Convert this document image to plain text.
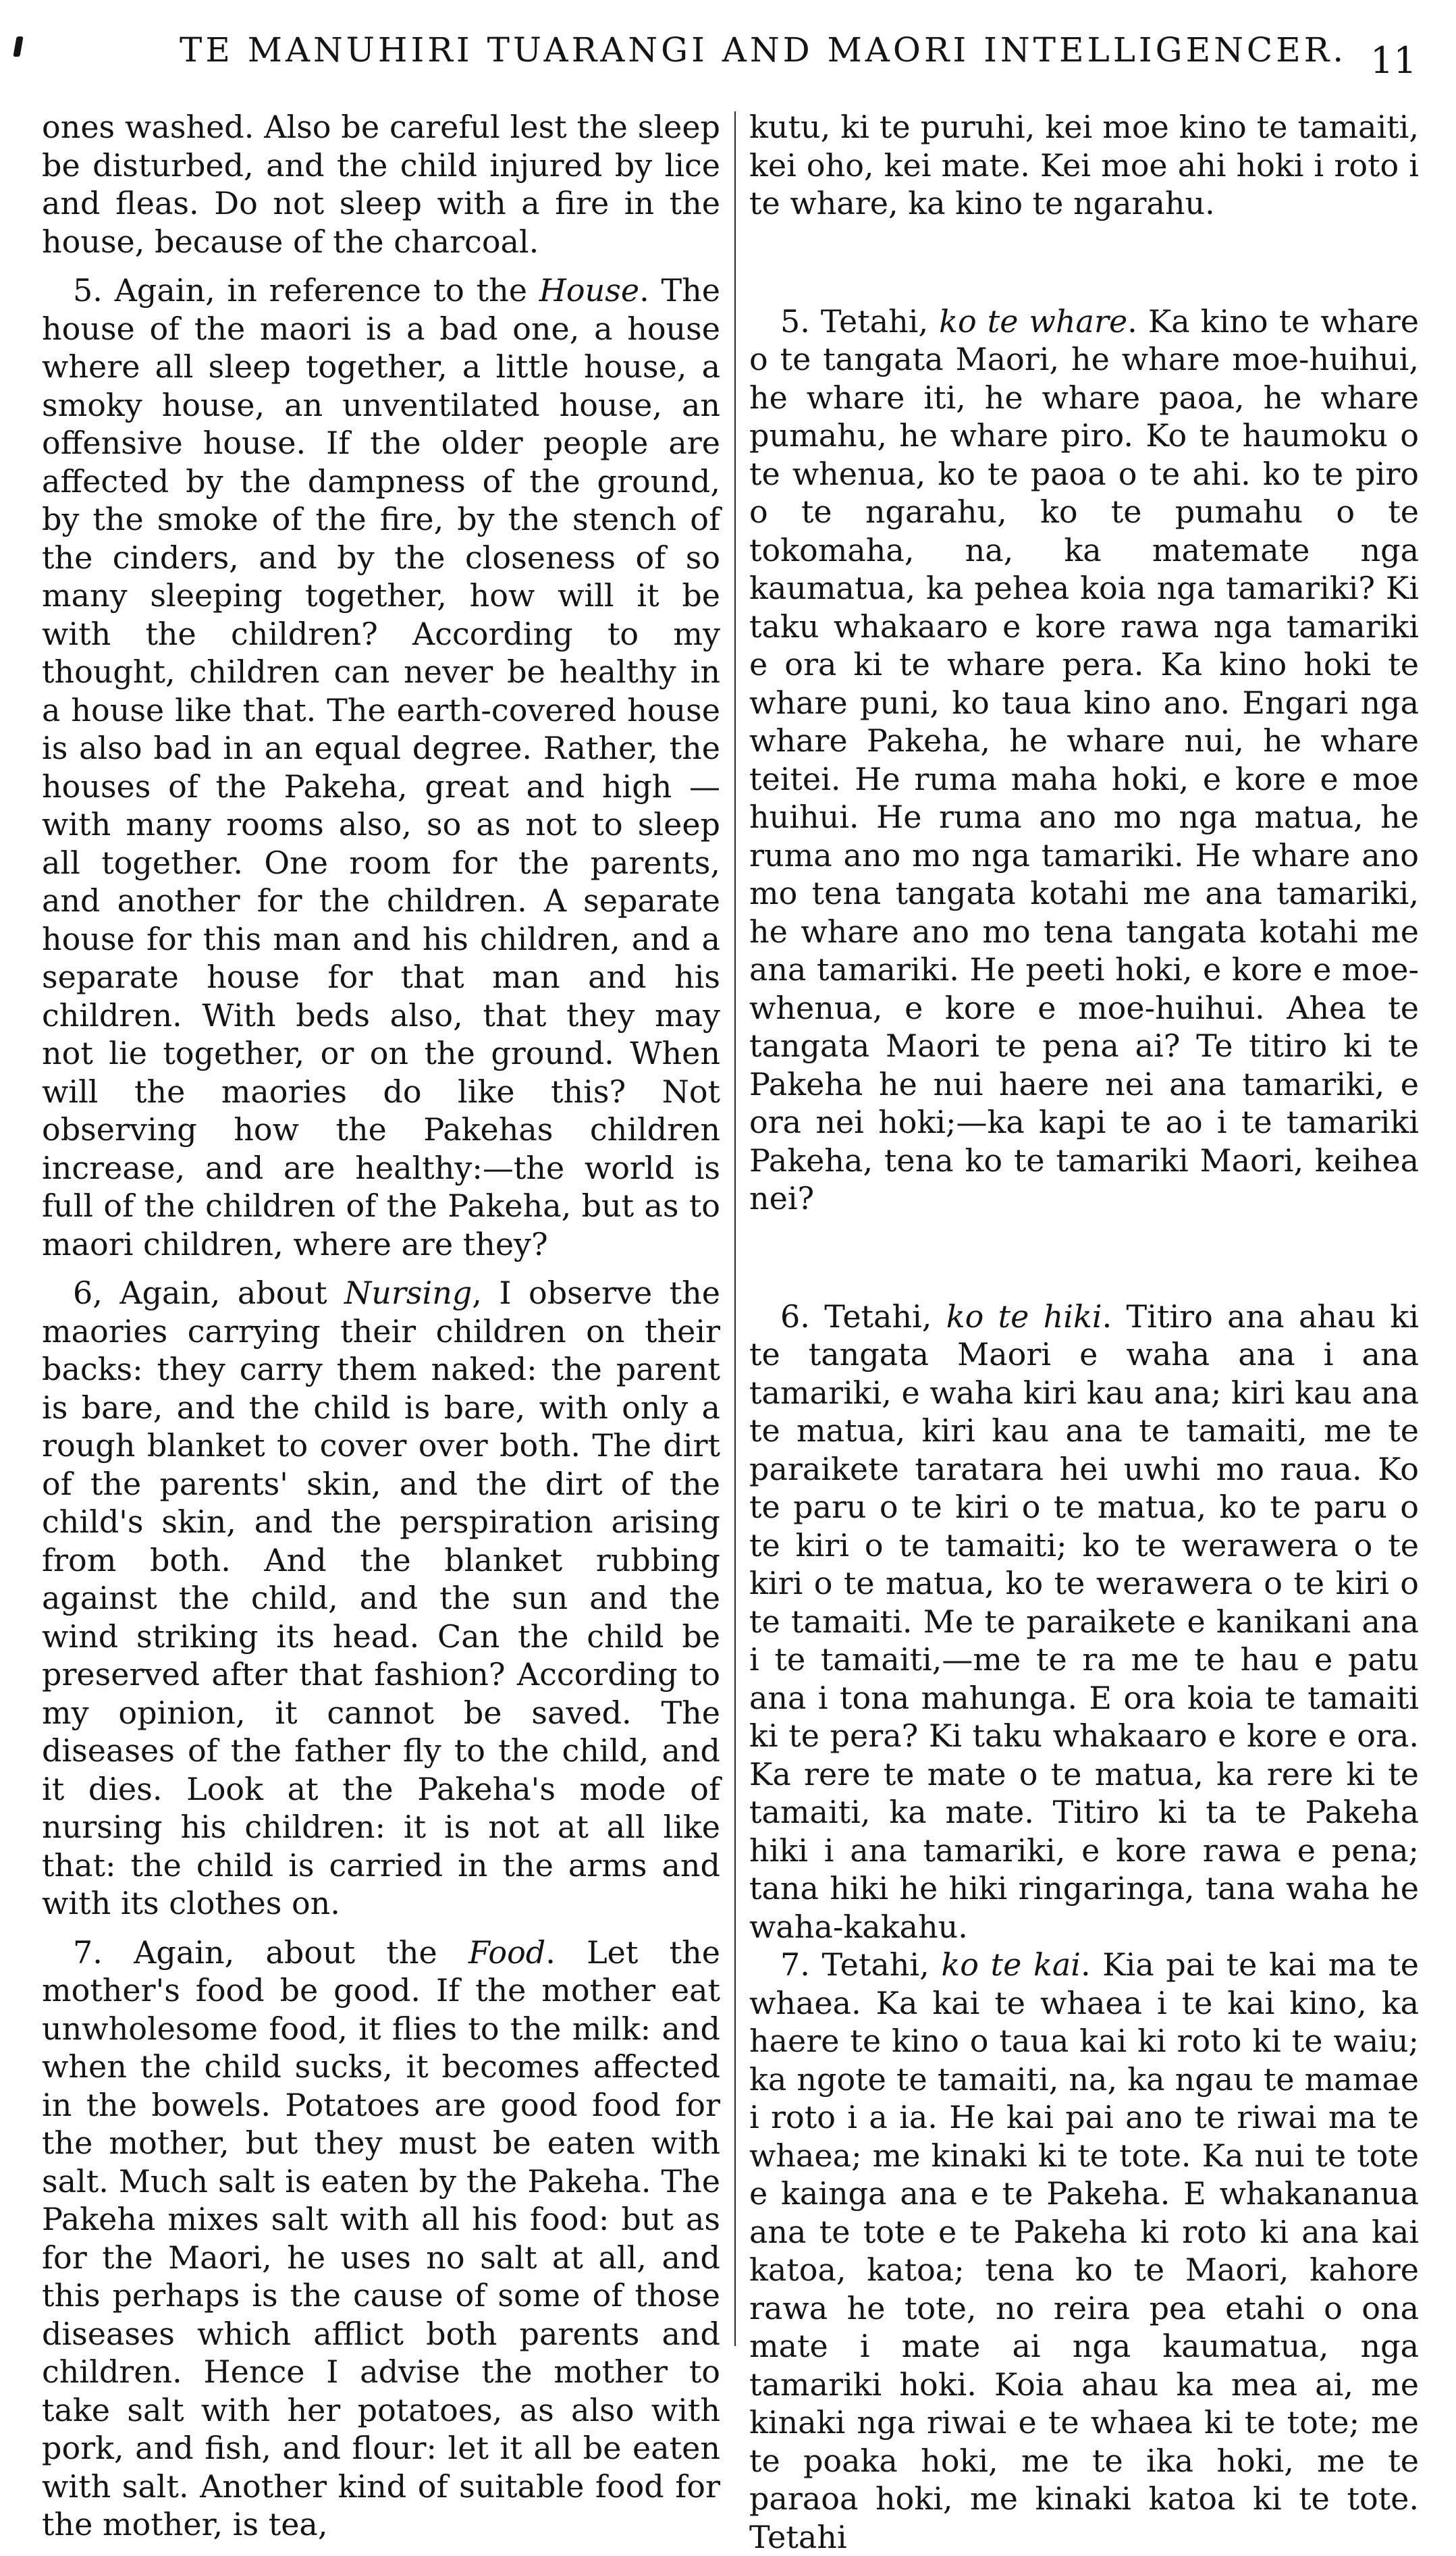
TE MANUHIRI TUARANGI AND MAORI INTELLIGENCER. 11

ones washed. Also be careful lest the sleep be disturbed, and the child injured by lice and fleas. Do not sleep with a fire in the house, because of the charcoal.

5. Again, in reference to the House. The house of the maori is a bad one, a house where all sleep together, a little house, a smoky house, an unventilated house, an offensive house. If the older people are affected by the dampness of the ground, by the smoke of the fire, by the stench of the cinders, and by the closeness of so many sleeping together, how will it be with the children? According to my thought, children can never be healthy in a house like that. The earth-covered house is also bad in an equal degree. Rather, the houses of the Pakeha, great and high —with many rooms also, so as not to sleep all together. One room for the parents, and another for the children. A separate house for this man and his children, and a separate house for that man and his children. With beds also, that they may not lie together, or on the ground. When will the maories do like this? Not observing how the Pakehas children increase, and are healthy:—the world is full of the children of the Pakeha, but as to maori children, where are they?

6, Again, about Nursing, I observe the maories carrying their children on their backs: they carry them naked: the parent is bare, and the child is bare, with only a rough blanket to cover over both. The dirt of the parents' skin, and the dirt of the child's skin, and the perspiration arising from both. And the blanket rubbing against the child, and the sun and the wind striking its head. Can the child be preserved after that fashion? According to my opinion, it cannot be saved. The diseases of the father fly to the child, and it dies. Look at the Pakeha's mode of nursing his children: it is not at all like that: the child is carried in the arms and with its clothes on.

7. Again, about the Food. Let the mother's food be good. If the mother eat unwholesome food, it flies to the milk: and when the child sucks, it becomes affected in the bowels. Potatoes are good food for the mother, but they must be eaten with salt. Much salt is eaten by the Pakeha. The Pakeha mixes salt with all his food: but as for the Maori, he uses no salt at all, and this perhaps is the cause of some of those diseases which afflict both parents and children. Hence I advise the mother to take salt with her potatoes, as also with pork, and fish, and flour: let it all be eaten with salt. Another kind of suitable food for the mother, is tea,

kutu, ki te puruhi, kei moe kino te tamaiti, kei oho, kei mate. Kei moe ahi hoki i roto i te whare, ka kino te ngarahu.

5. Tetahi, ko te whare. Ka kino te whare o te tangata Maori, he whare moe-huihui, he whare iti, he whare paoa, he whare pumahu, he whare piro. Ko te haumoku o te whenua, ko te paoa o te ahi. ko te piro o te ngarahu, ko te pumahu o te tokomaha, na, ka matemate nga kaumatua, ka pehea koia nga tamariki? Ki taku whakaaro e kore rawa nga tamariki e ora ki te whare pera. Ka kino hoki te whare puni, ko taua kino ano. Engari nga whare Pakeha, he whare nui, he whare teitei. He ruma maha hoki, e kore e moe huihui. He ruma ano mo nga matua, he ruma ano mo nga tamariki. He whare ano mo tena tangata kotahi me ana tamariki, he whare ano mo tena tangata kotahi me ana tamariki. He peeti hoki, e kore e moe-whenua, e kore e moe-huihui. Ahea te tangata Maori te pena ai? Te titiro ki te Pakeha he nui haere nei ana tamariki, e ora nei hoki;—ka kapi te ao i te tamariki Pakeha, tena ko te tamariki Maori, keihea nei?

6. Tetahi, ko te hiki. Titiro ana ahau ki te tangata Maori e waha ana i ana tamariki, e waha kiri kau ana; kiri kau ana te matua, kiri kau ana te tamaiti, me te paraikete taratara hei uwhi mo raua. Ko te paru o te kiri o te matua, ko te paru o te kiri o te tamaiti; ko te werawera o te kiri o te matua, ko te werawera o te kiri o te tamaiti. Me te paraikete e kanikani ana i te tamaiti,—me te ra me te hau e patu ana i tona mahunga. E ora koia te tamaiti ki te pera? Ki taku whakaaro e kore e ora. Ka rere te mate o te matua, ka rere ki te tamaiti, ka mate. Titiro ki ta te Pakeha hiki i ana tamariki, e kore rawa e pena; tana hiki he hiki ringaringa, tana waha he waha-kakahu.

7. Tetahi, ko te kai. Kia pai te kai ma te whaea. Ka kai te whaea i te kai kino, ka haere te kino o taua kai ki roto ki te waiu; ka ngote te tamaiti, na, ka ngau te mamae i roto i a ia. He kai pai ano te riwai ma te whaea; me kinaki ki te tote. Ka nui te tote e kainga ana e te Pakeha. E whakananua ana te tote e te Pakeha ki roto ki ana kai katoa, katoa; tena ko te Maori, kahore rawa he tote, no reira pea etahi o ona mate i mate ai nga kaumatua, nga tamariki hoki. Koia ahau ka mea ai, me kinaki nga riwai e te whaea ki te tote; me te poaka hoki, me te ika hoki, me te paraoa hoki, me kinaki katoa ki te tote. Tetahi
